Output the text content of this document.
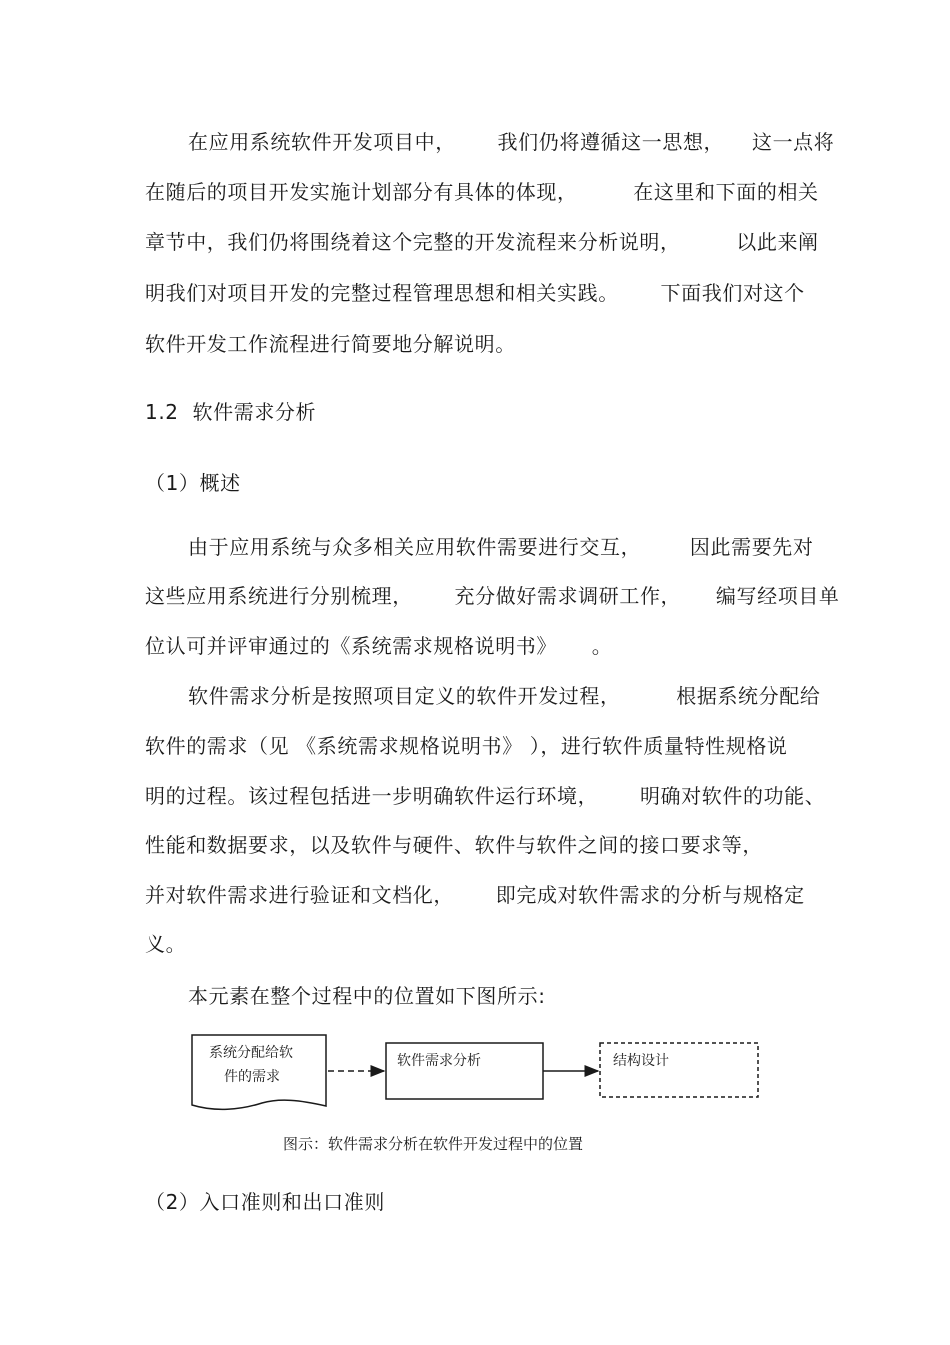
在应用系统软件开发项目中，      我们仍将遵循这一思想，    这一点将
在随后的项目开发实施计划部分有具体的体现，        在这里和下面的相关
章节中，我们仍将围绕着这个完整的开发流程来分析说明，        以此来阐
明我们对项目开发的完整过程管理思想和相关实践。      下面我们对这个
软件开发工作流程进行简要地分解说明。
1.2  软件需求分析
（1）概述
由于应用系统与众多相关应用软件需要进行交互，       因此需要先对
这些应用系统进行分别梳理，      充分做好需求调研工作，     编写经项目单
位认可并评审通过的《系统需求规格说明书》     。
软件需求分析是按照项目定义的软件开发过程，        根据系统分配给
软件的需求（见 《系统需求规格说明书》 ），进行软件质量特性规格说
明的过程。该过程包括进一步明确软件运行环境，      明确对软件的功能、
性能和数据要求，以及软件与硬件、软件与软件之间的接口要求等，
并对软件需求进行验证和文档化，      即完成对软件需求的分析与规格定
义。
本元素在整个过程中的位置如下图所示:
系统分配给软
件的需求
软件需求分析	结构设计
图示：软件需求分析在软件开发过程中的位置
（2）入口准则和出口准则
